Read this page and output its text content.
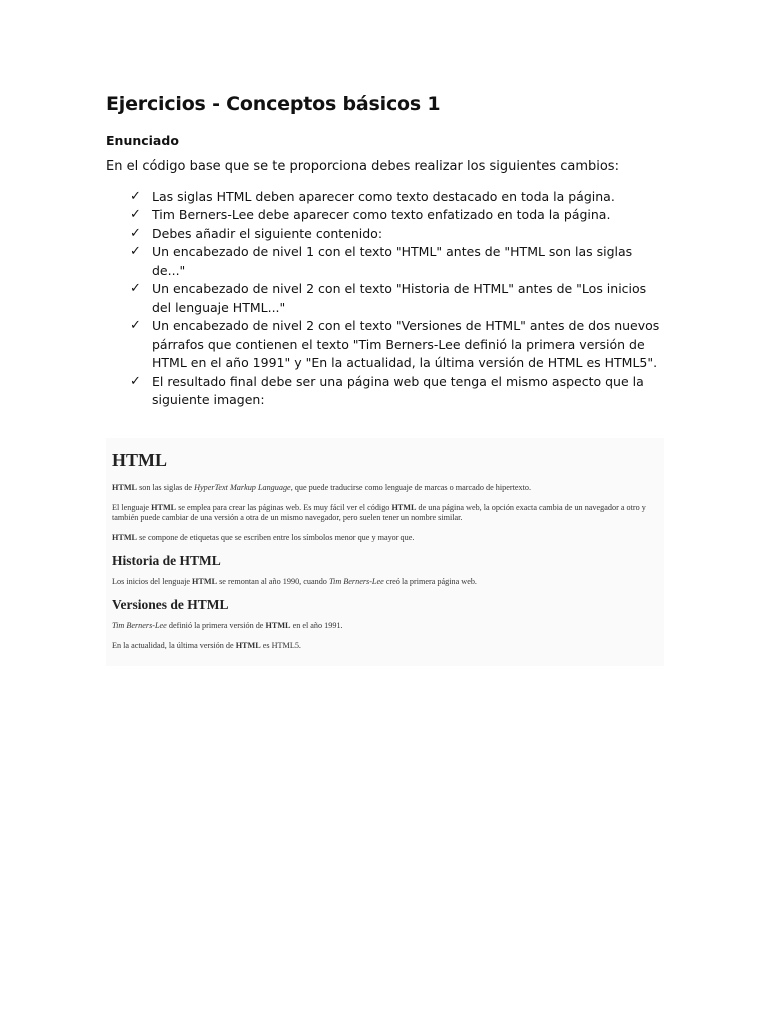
Ejercicios - Conceptos básicos 1
Enunciado

En el código base que se te proporciona debes realizar los siguientes cambios:

✓ Las siglas HTML deben aparecer como texto destacado en toda la página.
✓ Tim Berners-Lee debe aparecer como texto enfatizado en toda la página.
✓ Debes añadir el siguiente contenido:
✓ Un encabezado de nivel 1 con el texto "HTML" antes de "HTML son las siglas de..."
✓ Un encabezado de nivel 2 con el texto "Historia de HTML" antes de "Los inicios del lenguaje HTML..."
✓ Un encabezado de nivel 2 con el texto "Versiones de HTML" antes de dos nuevos párrafos que contienen el texto "Tim Berners-Lee definió la primera versión de HTML en el año 1991" y "En la actualidad, la última versión de HTML es HTML5".
✓ El resultado final debe ser una página web que tenga el mismo aspecto que la siguiente imagen:
HTML

HTML son las siglas de HyperText Markup Language, que puede traducirse como lenguaje de marcas o marcado de hipertexto.

El lenguaje HTML se emplea para crear las páginas web. Es muy fácil ver el código HTML de una página web, la opción exacta cambia de un navegador a otro y también puede cambiar de una versión a otra de un mismo navegador, pero suelen tener un nombre similar.

HTML se compone de etiquetas que se escriben entre los símbolos menor que y mayor que.

Historia de HTML

Los inicios del lenguaje HTML se remontan al año 1990, cuando Tim Berners-Lee creó la primera página web.

Versiones de HTML

Tim Berners-Lee definió la primera versión de HTML en el año 1991.

En la actualidad, la última versión de HTML es HTML5.
